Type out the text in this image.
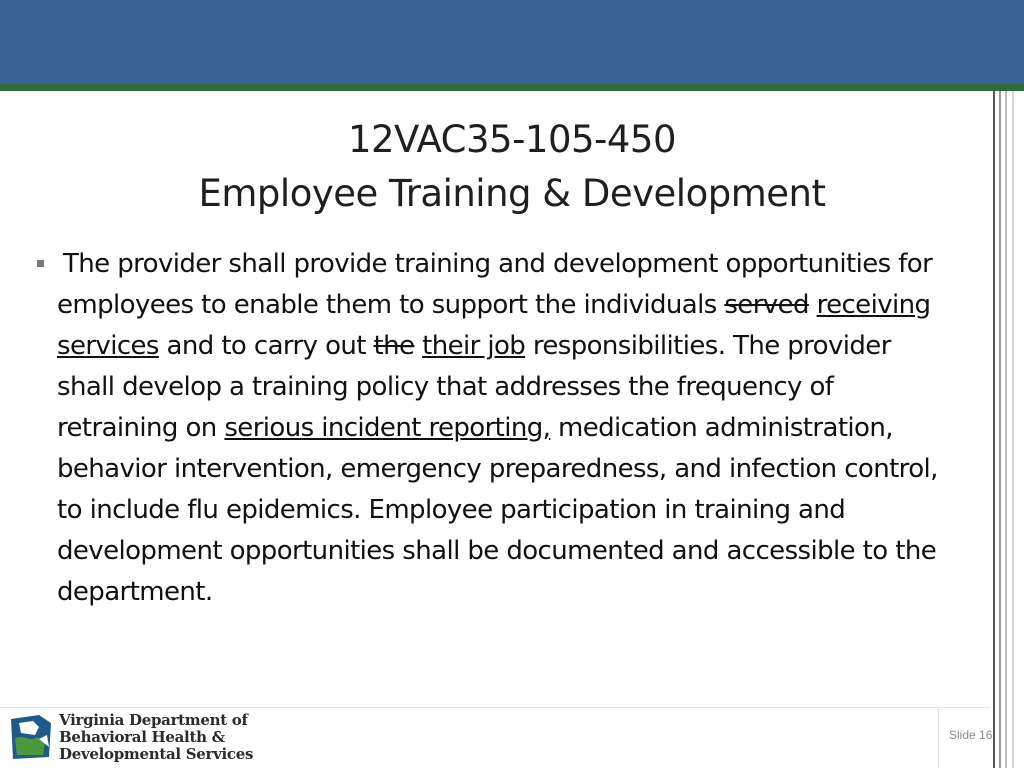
12VAC35-105-450
Employee Training & Development
The provider shall provide training and development opportunities for employees to enable them to support the individuals served receiving services and to carry out the their job responsibilities. The provider shall develop a training policy that addresses the frequency of retraining on serious incident reporting, medication administration, behavior intervention, emergency preparedness, and infection control, to include flu epidemics. Employee participation in training and development opportunities shall be documented and accessible to the department.
Virginia Department of
Behavioral Health &
Developmental Services
Slide 16
